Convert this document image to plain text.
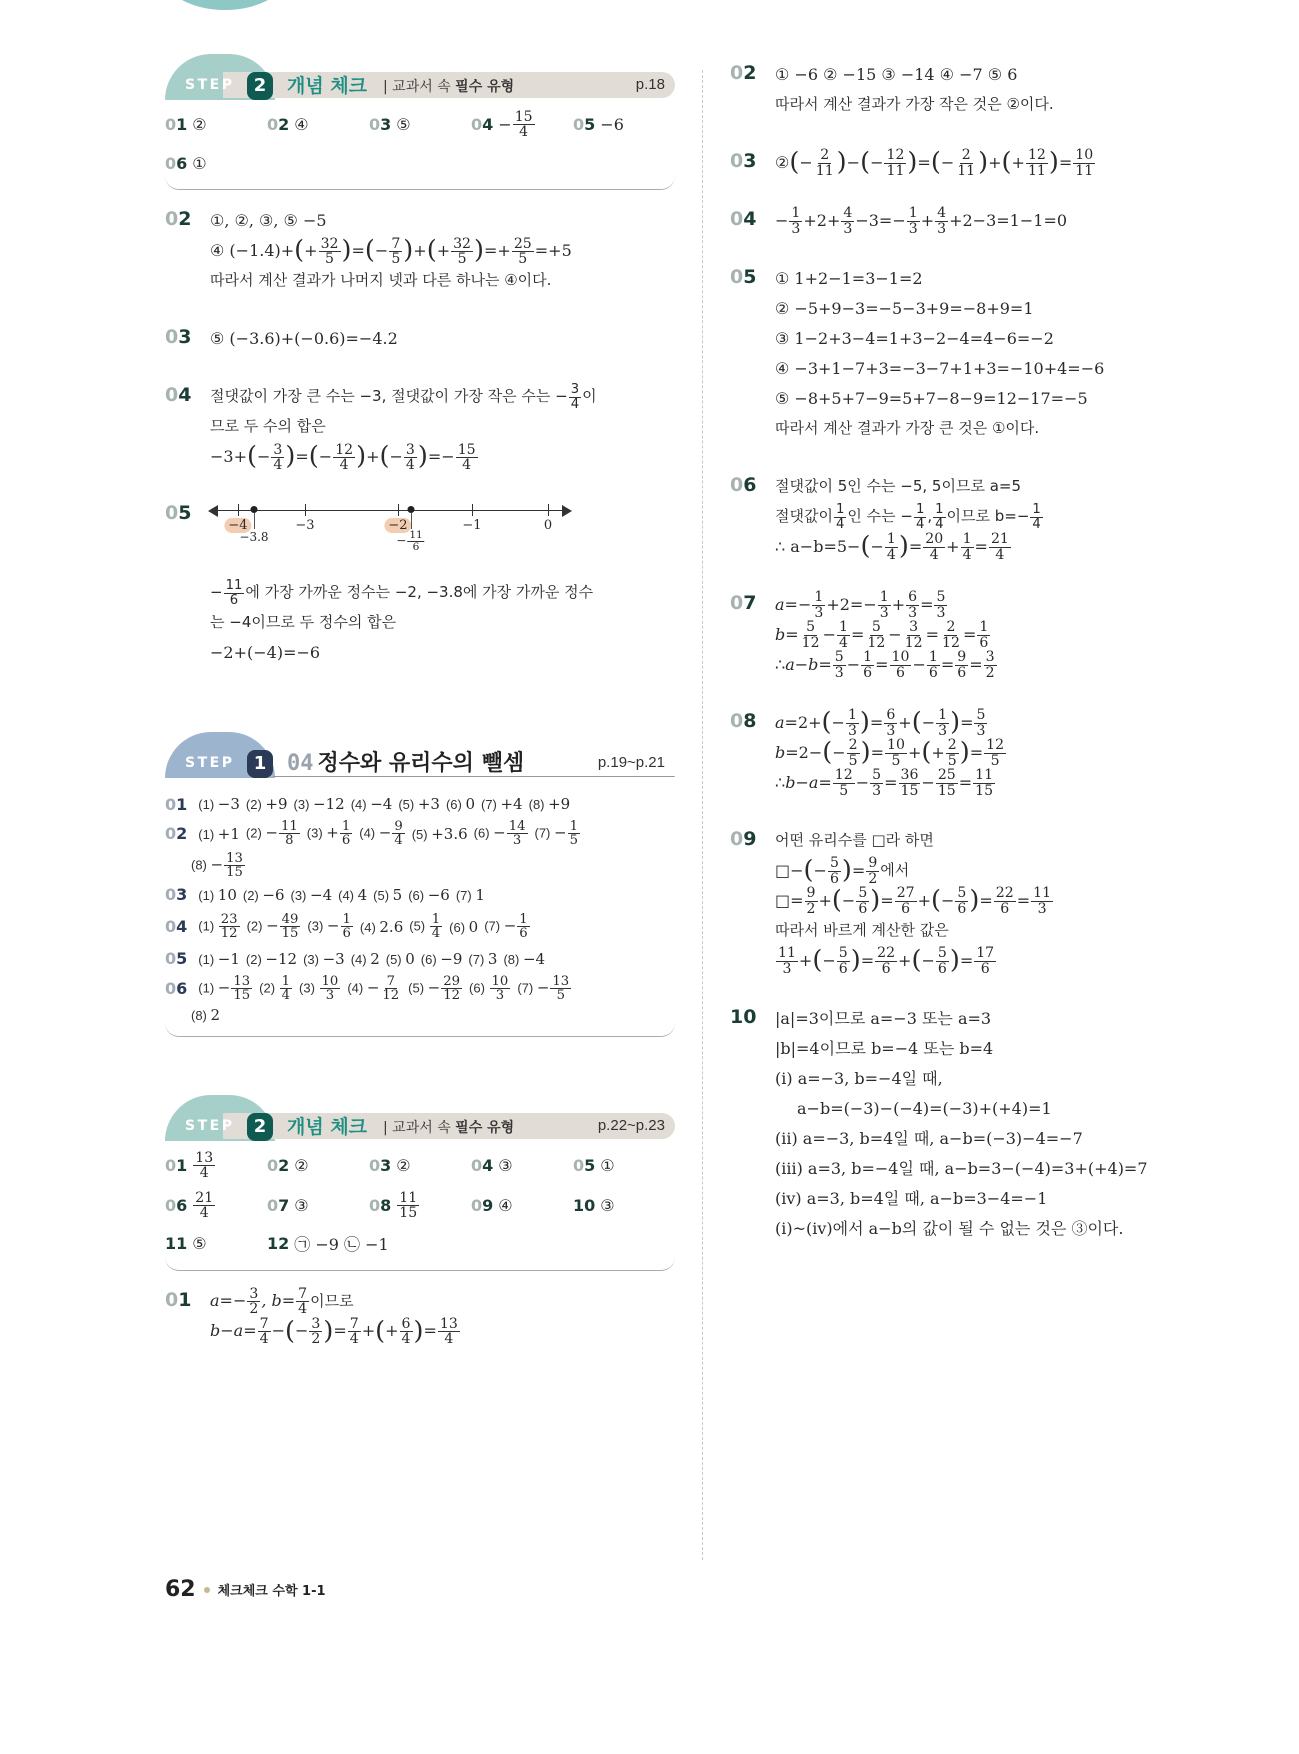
STEP	2	개념 체크 | 교과서 속 필수 유형	p.18
01 ②	02 ④	03 ⑤	$04 - \frac{15}{4} 05 -6$
06 ①
02	①, ②, ③, ⑤ −5
④ (−1.4)+ ( + $\frac{32}{5}$ ) = ( − $\frac{7}{5}$ ) + ( + $\frac{32}{5}$ ) =+ $\frac{25}{5} =+5$
따라서 계산 결과가 나머지 넷과 다른 하나는 ④이다.
03	⑤ (−3.6)+(−0.6)=−4.2
04	절댓값이 가장 큰 수는 −3, 절댓값이 가장 작은 수는 − $\frac{3}{4}$ 이
므로 두 수의 합은
−3+ ( − $\frac{3}{4}$ ) = ( − $\frac{12}{4}$ ) + ( − $\frac{3}{4}$ ) =− $\frac{15}{4}$
05
−4	−3	−2	−1	0
−3.8	− $\frac{11}{6}$
− $\frac{11}{6}$ 에 가장 가까운 정수는 −2, −3.8에 가장 가까운 정수
는 −4이므로 두 정수의 합은
−2+(−4)=−6
STEP	1 04 정수와 유리수의 뺄셈	p.19~p.21
01 (1) −3 (2) +9 (3) −12 (4) −4 (5) +3 (6) 0 (7) +4 (8) +9
02 (1) +1 $(2) - \frac{11}{8} (3) + \frac{1}{6} (4) - \frac{9}{4} (5) +3.6$ $(6) - \frac{14}{3} (7) - \frac{1}{5}$
$(8) - \frac{13}{15}$
03 (1) 10 (2) −6 (3) −4 (4) 4 (5) 5 (6) −6 (7) 1
04 $(1) \frac{23}{12} (2) - \frac{49}{15} (3) - \frac{1}{6} (4)$ 2.6 $(5) \frac{1}{4} (6)$ 0 $(7) - \frac{1}{6}$
05 (1) −1 (2) −12 (3) −3 (4) 2 (5) 0 (6) −9 (7) 3 (8) −4
06 $(1) - \frac{13}{15} (2) \frac{1}{4} (3) \frac{10}{3} (4) - \frac{7}{12} (5) - \frac{29}{12} (6) \frac{10}{3} (7) - \frac{13}{5}$
(8) 2
STEP	2	개념 체크 | 교과서 속 필수 유형	p.22~p.23
$01 \frac{13}{4}$	02 ②	03 ②	04 ③	05 ①
$06 \frac{21}{4}$	07 ③	$08 \frac{11}{15}$	09 ④	10 ③
11 ⑤	12 ㉠ −9 ㉡ −1
01	$a=- \frac{3}{2}$ , $b= \frac{7}{4}$ 이므로
$b-a= \frac{7}{4}$ − ( − $\frac{3}{2}$ ) = $\frac{7}{4}$ + ( + $\frac{6}{4}$ ) = $\frac{13}{4}$
02	① −6 ② −15 ③ −14 ④ −7 ⑤ 6
따라서 계산 결과가 가장 작은 것은 ②이다.
03	② ( − $\frac{2}{11}$ ) − ( − $\frac{12}{11}$ ) = ( − $\frac{2}{11}$ ) + ( + $\frac{12}{11}$ ) = $\frac{10}{11}$
04	− $\frac{1}{3} +2+ \frac{4}{3} -3=- \frac{1}{3} + \frac{4}{3} +2-3=1-1=0$
05	① 1+2−1=3−1=2
② −5+9−3=−5−3+9=−8+9=1
③ 1−2+3−4=1+3−2−4=4−6=−2
④ −3+1−7+3=−3−7+1+3=−10+4=−6
⑤ −8+5+7−9=5+7−8−9=12−17=−5
따라서 계산 결과가 가장 큰 것은 ①이다.
06	절댓값이 5인 수는 −5, 5이므로 a=5
절댓값이 $\frac{1}{4}$ 인 수는 − $\frac{1}{4}$ , $\frac{1}{4}$ 이므로 $b=- \frac{1}{4}$
∴ a−b=5− ( − $\frac{1}{4}$ ) = $\frac{20}{4} + \frac{1}{4} = \frac{21}{4}$
07	$a =- \frac{1}{3} +2=- \frac{1}{3} + \frac{6}{3} = \frac{5}{3}$
$b = \frac{5}{12} - \frac{1}{4} = \frac{5}{12} - \frac{3}{12} = \frac{2}{12} = \frac{1}{6}$
∴ $a - b = \frac{5}{3} - \frac{1}{6} = \frac{10}{6} - \frac{1}{6} = \frac{9}{6} = \frac{3}{2}$
08	a =2+ ( − $\frac{1}{3}$ ) = $\frac{6}{3}$ + ( − $\frac{1}{3}$ ) = $\frac{5}{3}$
b =2− ( − $\frac{2}{5}$ ) = $\frac{10}{5}$ + ( + $\frac{2}{5}$ ) = $\frac{12}{5}$
∴ $b - a = \frac{12}{5} - \frac{5}{3} = \frac{36}{15} - \frac{25}{15} = \frac{11}{15}$
09	어떤 유리수를 □라 하면
□− ( − $\frac{5}{6}$ ) = $\frac{9}{2}$ 에서
□= $\frac{9}{2}$ + ( − $\frac{5}{6}$ ) = $\frac{27}{6}$ + ( − $\frac{5}{6}$ ) = $\frac{22}{6} = \frac{11}{3}$
따라서 바르게 계산한 값은
$\frac{11}{3}$ + ( − $\frac{5}{6}$ ) = $\frac{22}{6}$ + ( − $\frac{5}{6}$ ) = $\frac{17}{6}$
10	|a|=3이므로 a=−3 또는 a=3
|b|=4이므로 b=−4 또는 b=4
(ⅰ) a=−3, b=−4일 때,
a−b=(−3)−(−4)=(−3)+(+4)=1
(ⅱ) a=−3, b=4일 때, a−b=(−3)−4=−7
(ⅲ) a=3, b=−4일 때, a−b=3−(−4)=3+(+4)=7
(ⅳ) a=3, b=4일 때, a−b=3−4=−1
(ⅰ)~(ⅳ)에서 a−b의 값이 될 수 없는 것은 ③이다.
62 체크체크 수학 1-1
